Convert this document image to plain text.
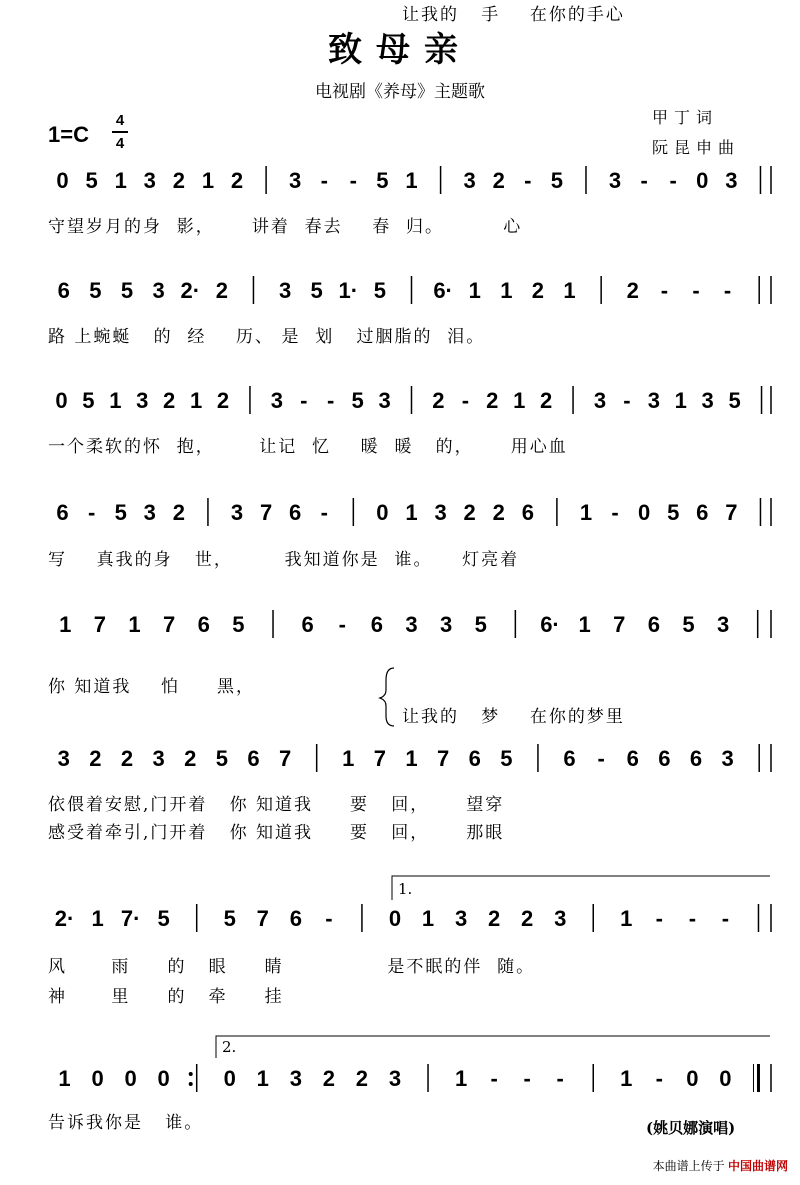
致母亲
电视剧《养母》主题歌
甲丁词
阮昆申曲
1=C
4
4
0 5 1 3 2 1 2 3 - - 5 1 3 2 - 5 3 - - 0 3
6 5 5 3 2· 2 3 5 1· 5 6· 1 1 2 1 2 - - -
0 5 1 3 2 1 2 3 - - 5 3 2 - 2 1 2 3 - 3 1 3 5
6 - 5 3 2 3 7 6 - 0 1 3 2 2 6 1 - 0 5 6 7
1 7 1 7 6 5	6 - 6 3 3 5 6· 1 7 6 5 3
3 2 2 3 2 5 6 7 1 7 1 7 6 5 6 - 6 6 6 3
2· 1 7· 5 5 7 6 -	0 1 3 2 2 3 1 - - -
1 0 0 0 0 1 3 2 2 3 1 - - -	1 - 0 0
守望岁月的身  影，     讲着  春去    春  归。        心
路 上蜿蜒   的  经    历、 是  划   过胭脂的  泪。
一个柔软的怀  抱，      让记  忆    暖  暖   的，     用心血
写    真我的身   世，       我知道你是  谁。    灯亮着
你 知道我    怕     黑，
让我的   梦    在你的梦里
让我的   手    在你的手心
依偎着安慰,门开着   你 知道我     要   回，     望穿
感受着牵引,门开着   你 知道我     要   回，     那眼
风      雨     的   眼     睛              是不眠的伴  随。
神      里     的   牵     挂
告诉我你是   谁。
1.
2.
(姚贝娜演唱)
本曲谱上传于 中国曲谱网
